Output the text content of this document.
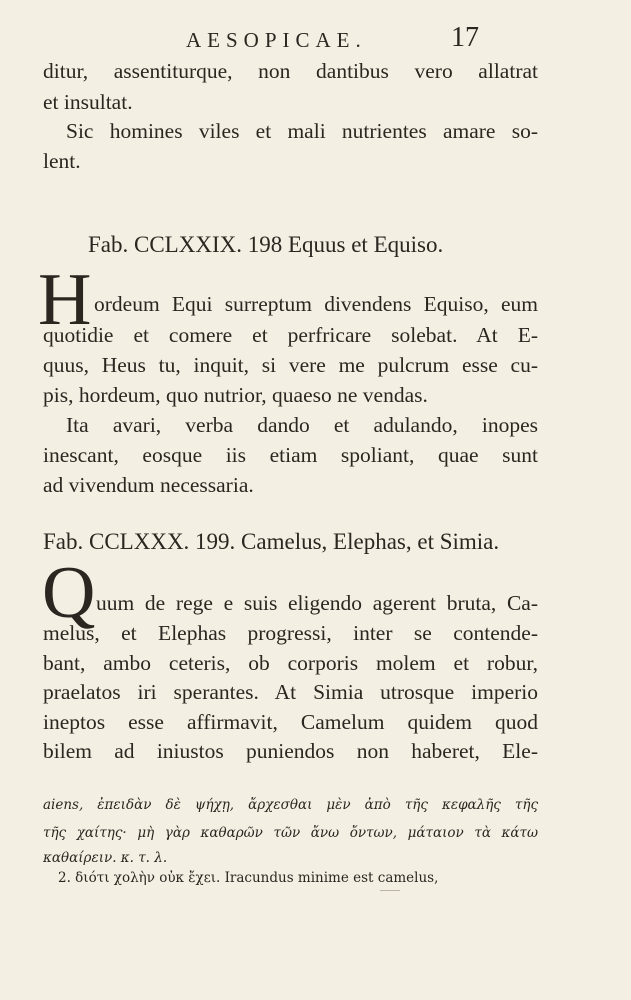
AESOPICAE.	17
ditur, assentiturque, non dantibus vero allatrat
et insultat.
Sic homines viles et mali nutrientes amare so-
lent.
Fab. CCLXXIX. 198 Equus et Equiso.
H ordeum Equi surreptum divendens Equiso, eum
quotidie et comere et perfricare solebat. At E-
quus, Heus tu, inquit, si vere me pulcrum esse cu-
pis, hordeum, quo nutrior, quaeso ne vendas.
Ita avari, verba dando et adulando, inopes
inescant, eosque iis etiam spoliant, quae sunt
ad vivendum necessaria.
Fab. CCLXXX. 199. Camelus, Elephas, et Simia.
Q uum de rege e suis eligendo agerent bruta, Ca-
melus, et Elephas progressi, inter se contende-
bant, ambo ceteris, ob corporis molem et robur,
praelatos iri sperantes. At Simia utrosque imperio
ineptos esse affirmavit, Camelum quidem quod
bilem ad iniustos puniendos non haberet, Ele-
aiens, ἐπειδὰν δὲ ψήχῃ, ἄρχεσθαι μὲν ἀπὸ τῆς κεφαλῆς τῆς
τῆς χαίτης· μὴ γὰρ καθαρῶν τῶν ἄνω ὄντων, μάταιον τὰ κάτω
καθαίρειν. κ. τ. λ.
2. διότι χολὴν οὐκ ἔχει. Iracundus minime est camelus,
